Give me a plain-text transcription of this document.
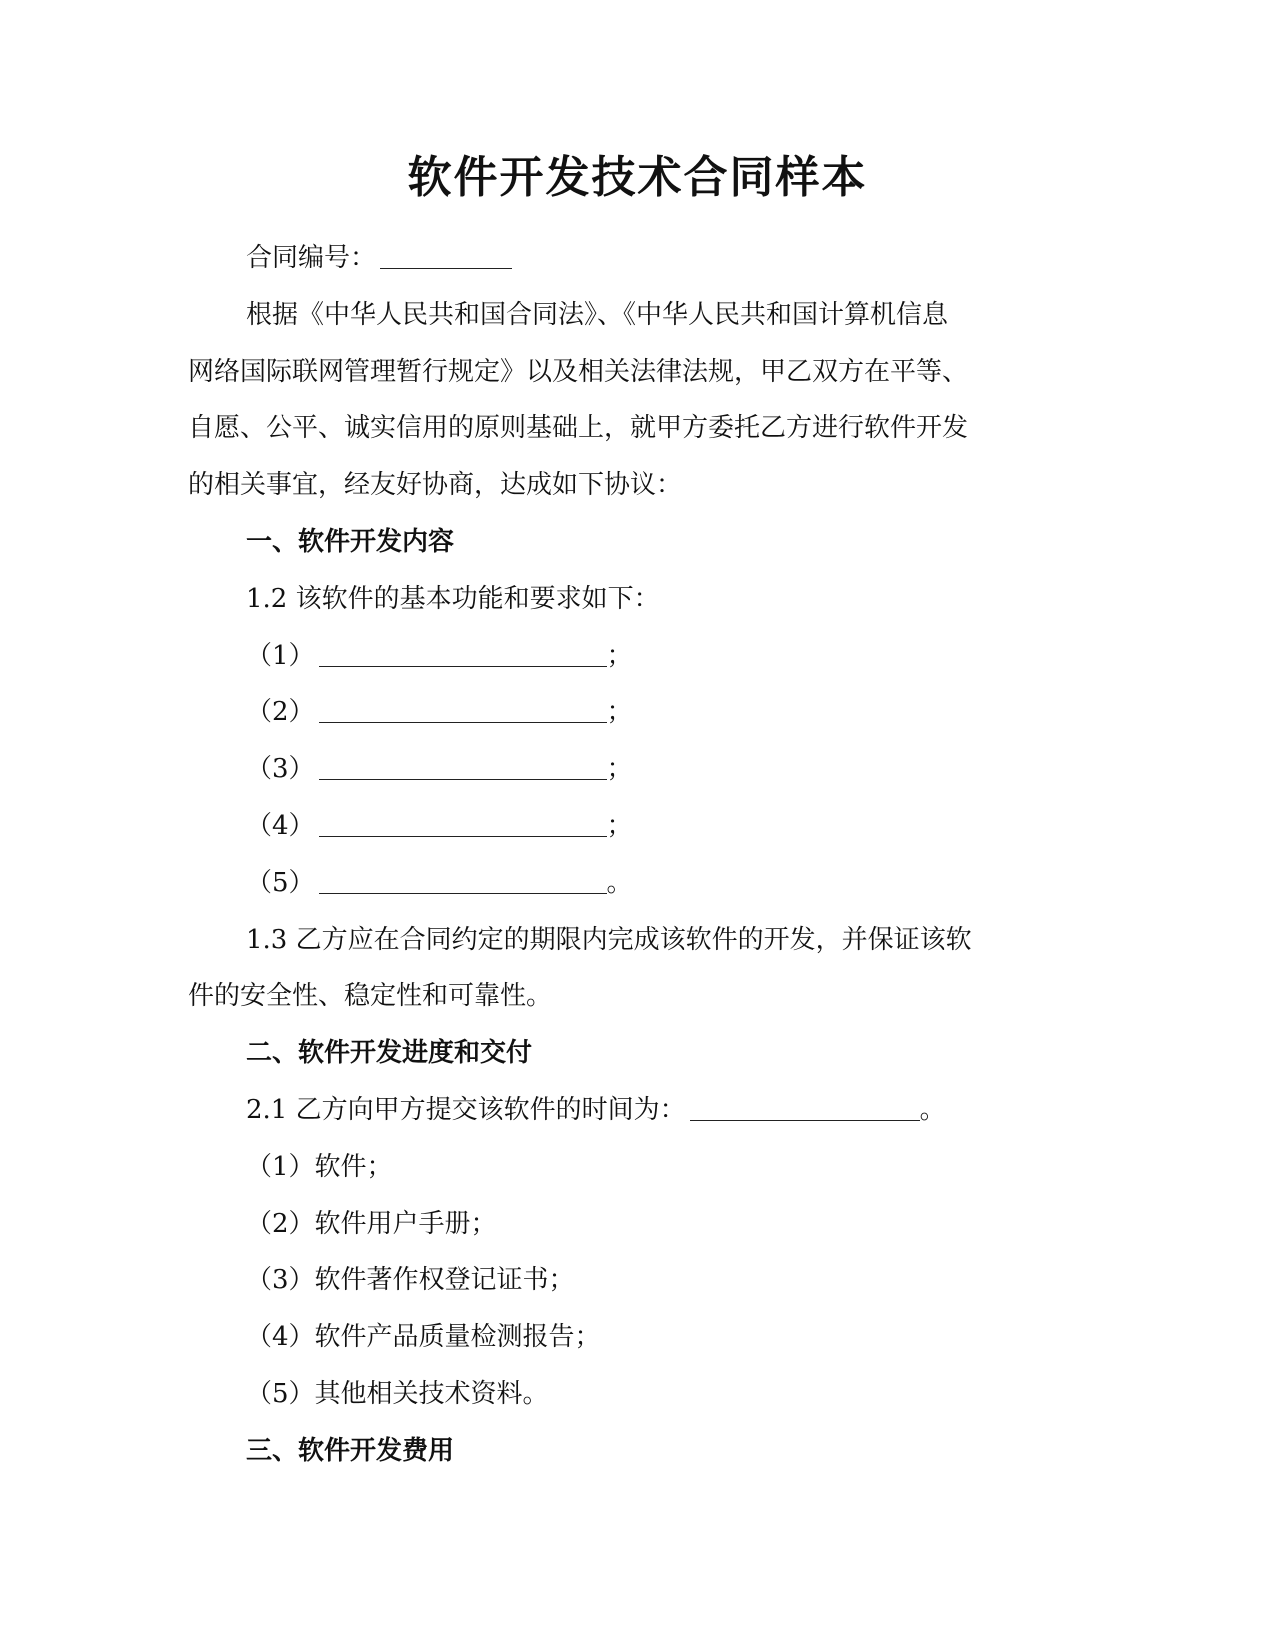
软件开发技术合同样本
合同编号：
根据《中华人民共和国合同法》、《中华人民共和国计算机信息
网络国际联网管理暂行规定》以及相关法律法规，甲乙双方在平等、
自愿、公平、诚实信用的原则基础上，就甲方委托乙方进行软件开发
的相关事宜，经友好协商，达成如下协议：
一、软件开发内容
1.2 该软件的基本功能和要求如下：
（1）	；
（2）	；
（3）	；
（4）	；
（5）	。
1.3 乙方应在合同约定的期限内完成该软件的开发，并保证该软
件的安全性、稳定性和可靠性。
二、软件开发进度和交付
2.1 乙方向甲方提交该软件的时间为：	。
（1）软件；
（2）软件用户手册；
（3）软件著作权登记证书；
（4）软件产品质量检测报告；
（5）其他相关技术资料。
三、软件开发费用
